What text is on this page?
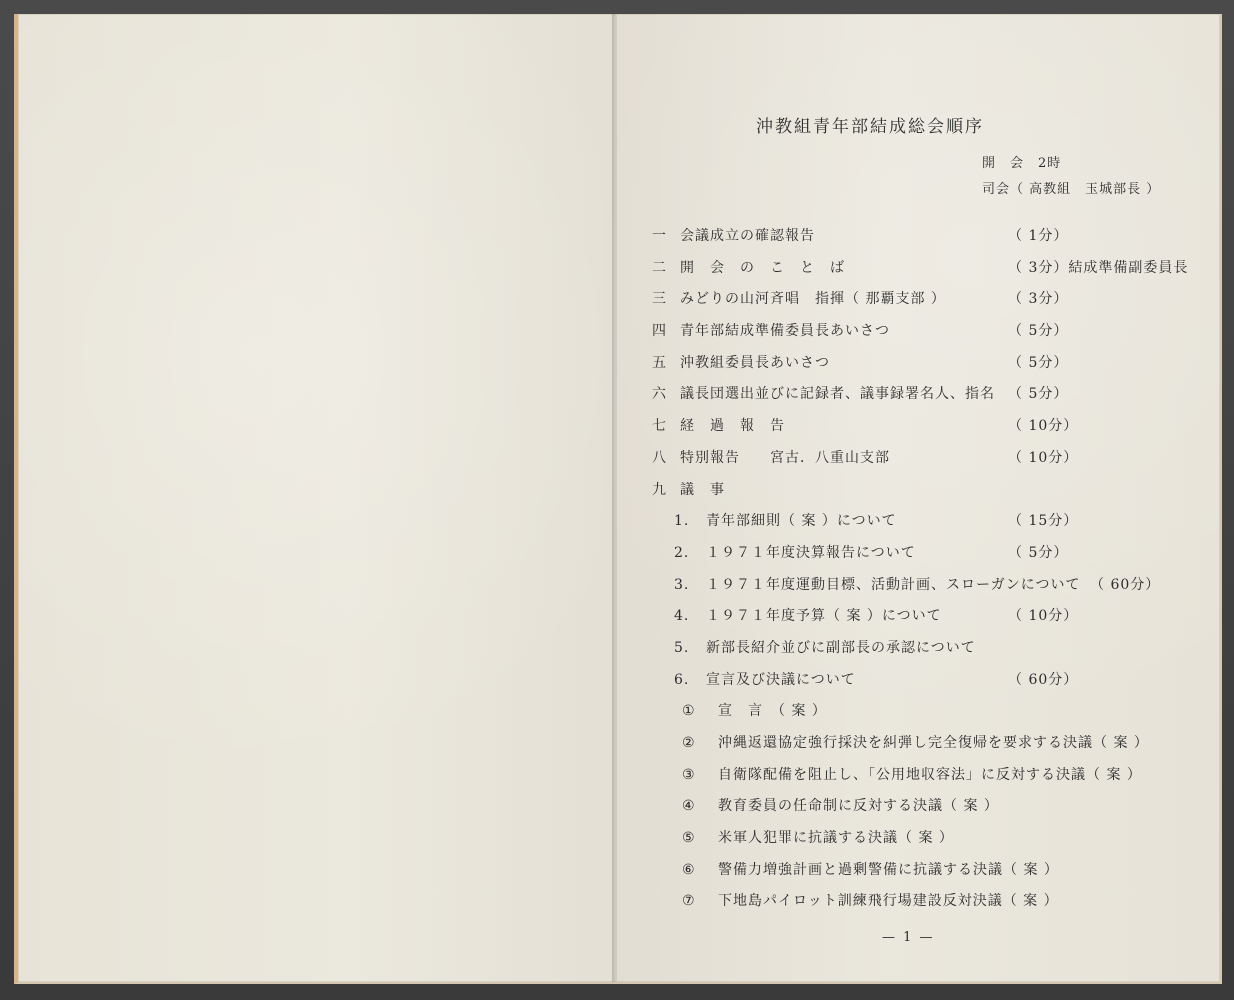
沖教組青年部結成総会順序
開　会　2時
司会（ 高教組　玉城部長 ）
一 会議成立の確認報告	（ 1分）
二 開　会　の　こ　と　ば	（ 3分）結成準備副委員長
三 みどりの山河斉唱　指揮（ 那覇支部 ）	（ 3分）
四 青年部結成準備委員長あいさつ	（ 5分）
五 沖教組委員長あいさつ	（ 5分）
六 議長団選出並びに記録者、議事録署名人、指名 （ 5分）
七 経　過　報　告	（ 10分）
八 特別報告　　宮古．八重山支部	（ 10分）
九 議　事
1. 青年部細則（ 案 ）について	（ 15分）
2. １９７１年度決算報告について	（ 5分）
3. １９７１年度運動目標、活動計画、スローガンについて （ 60分）
4. １９７１年度予算（ 案 ）について	（ 10分）
5. 新部長紹介並びに副部長の承認について
6. 宣言及び決議について	（ 60分）
① 宣　言　（ 案 ）
② 沖縄返還協定強行採決を糾弾し完全復帰を要求する決議（ 案 ）
③ 自衛隊配備を阻止し、「公用地収容法」に反対する決議（ 案 ）
④ 教育委員の任命制に反対する決議（ 案 ）
⑤ 米軍人犯罪に抗議する決議（ 案 ）
⑥ 警備力増強計画と過剰警備に抗議する決議（ 案 ）
⑦ 下地島パイロット訓練飛行場建設反対決議（ 案 ）
— 1 —
